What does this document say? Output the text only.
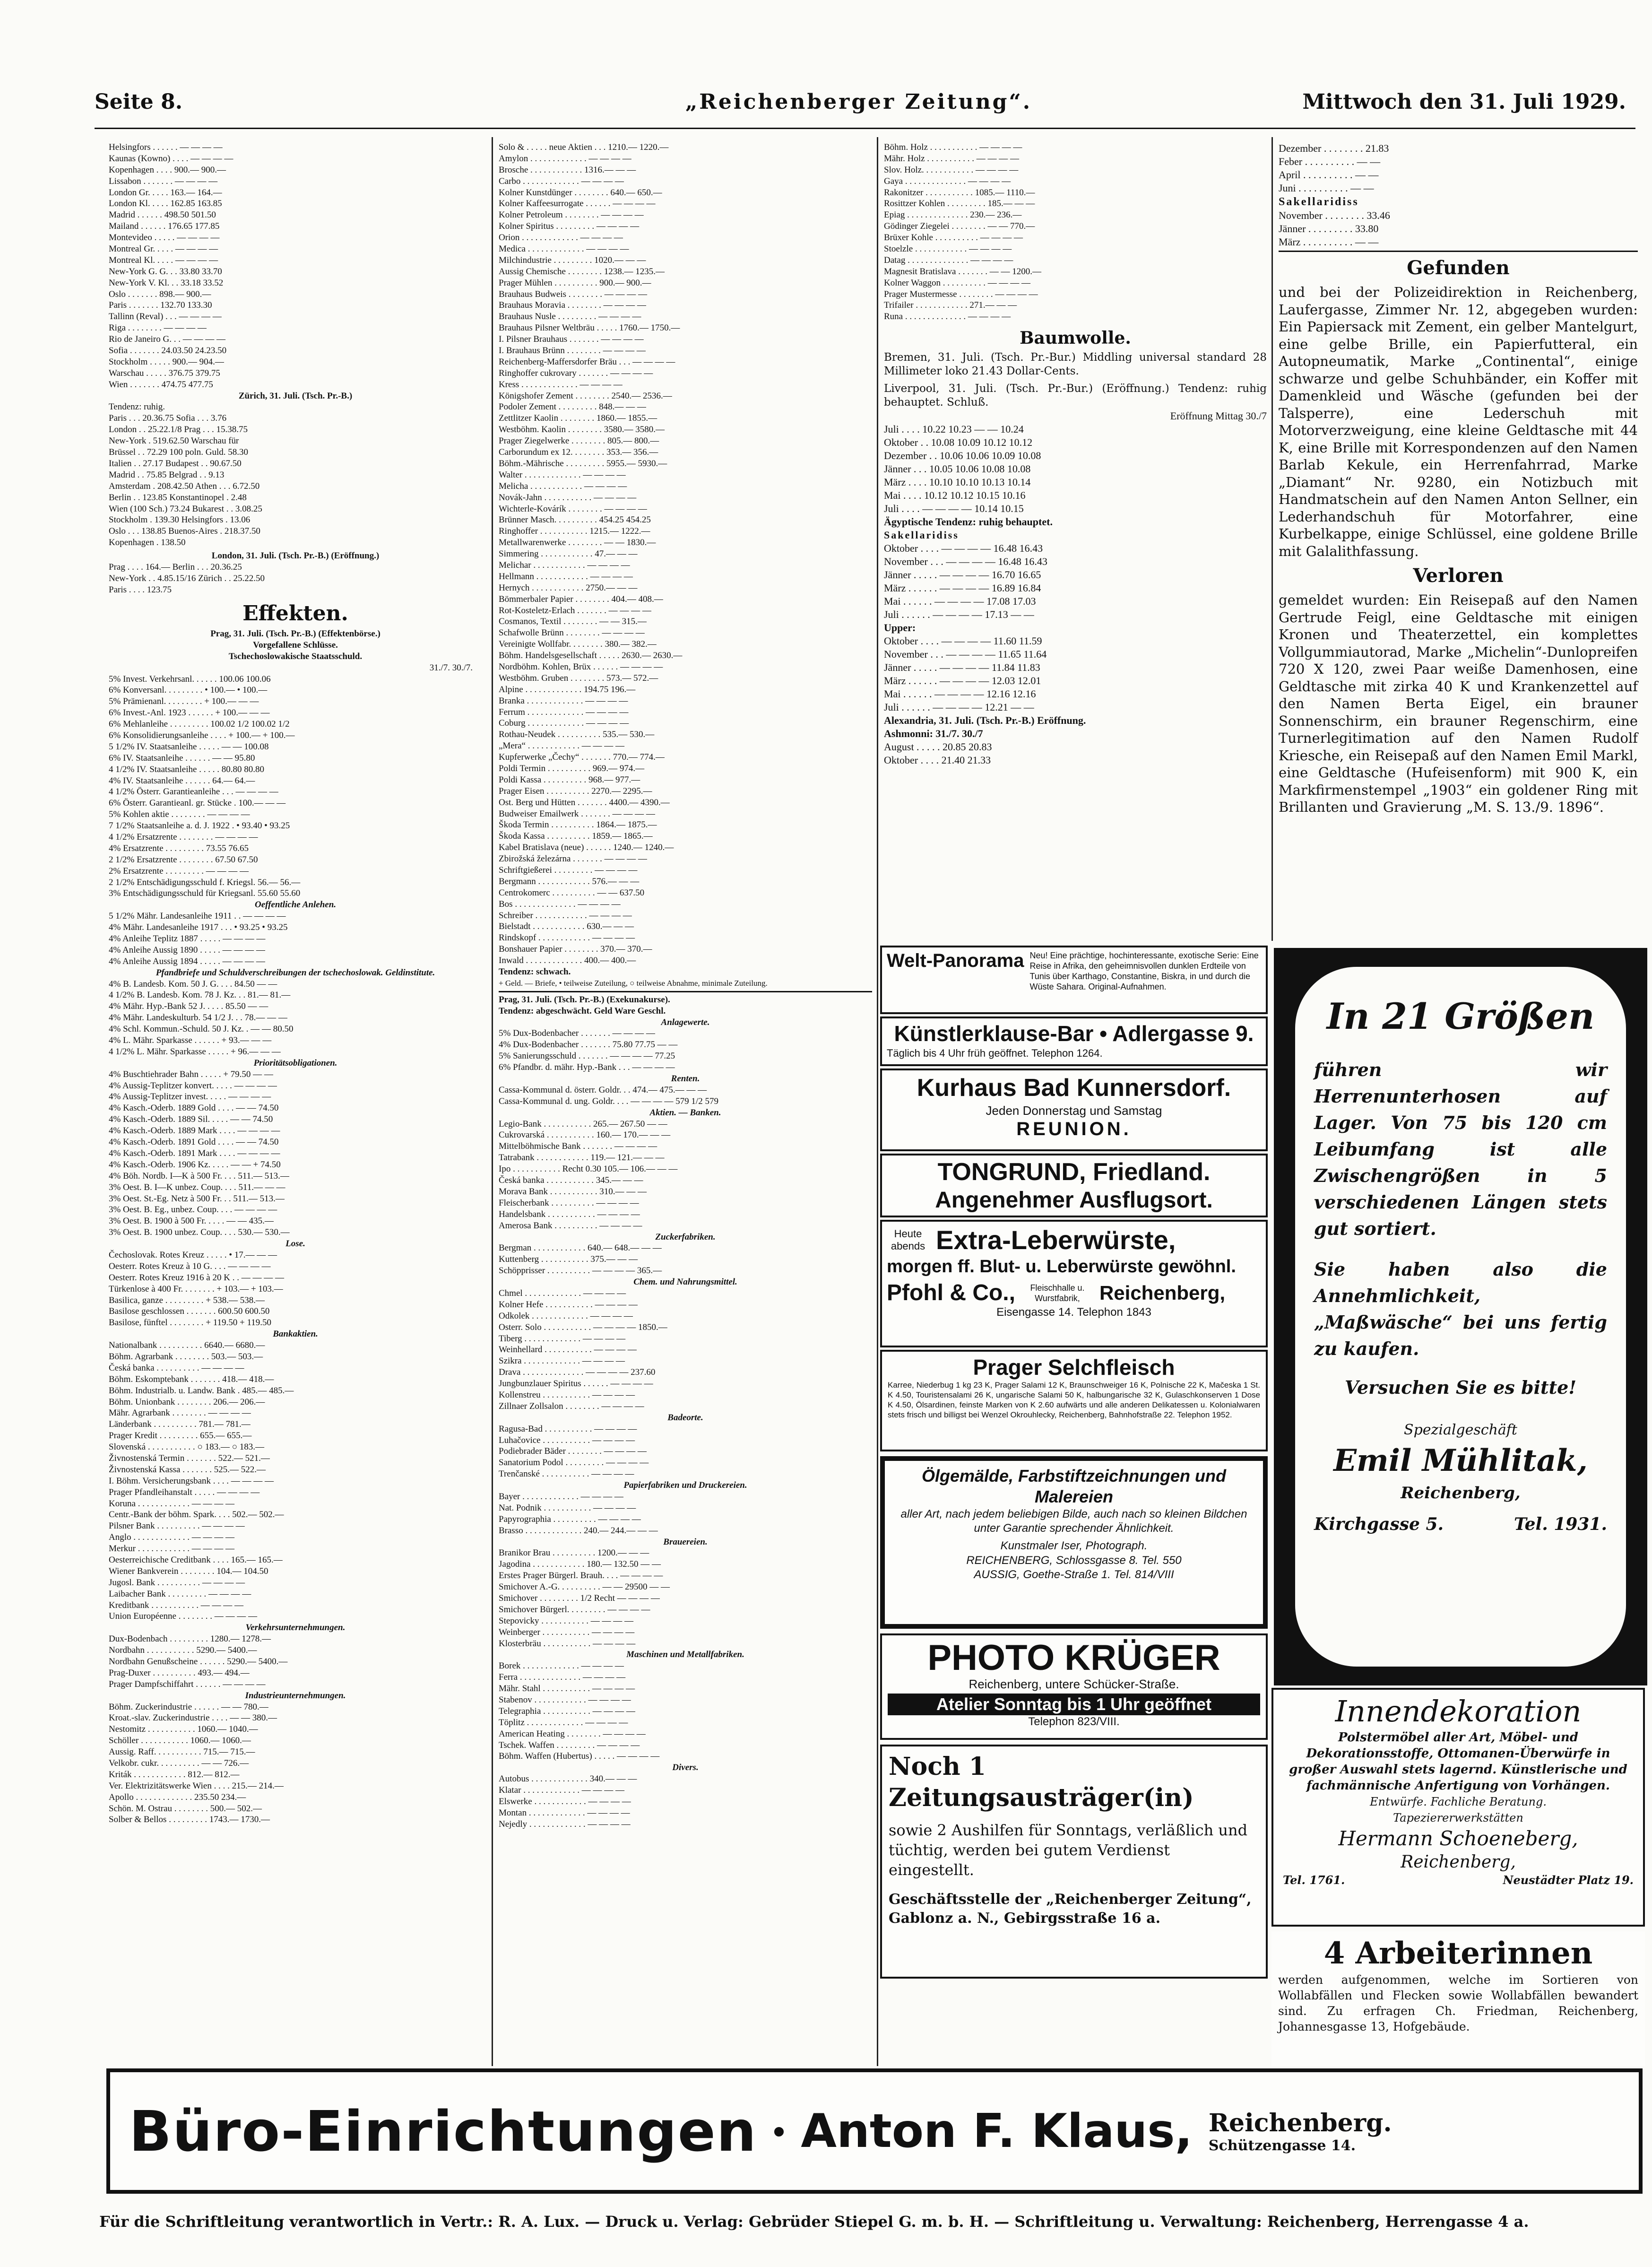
Seite 8.	„Reichenberger Zeitung“.	Mittwoch den 31. Juli 1929.
Helsingfors . . . . . . — — — —
Kaunas (Kowno) . . . . — — — —
Kopenhagen . . . . 900.— 900.—
Lissabon . . . . . . . — — — —
London Gr. . . . . 163.— 164.—
London Kl. . . . . 162.85 163.85
Madrid . . . . . . 498.50 501.50
Mailand . . . . . . 176.65 177.85
Montevideo . . . . . — — — —
Montreal Gr. . . . . — — — —
Montreal Kl. . . . . — — — —
New-York G. G. . . 33.80 33.70
New-York V. Kl. . . 33.18 33.52
Oslo . . . . . . . 898.— 900.—
Paris . . . . . . . 132.70 133.30
Tallinn (Reval) . . . — — — —
Riga . . . . . . . . — — — —
Rio de Janeiro G. . . — — — —
Sofia . . . . . . . 24.03.50 24.23.50
Stockholm . . . . . 900.— 904.—
Warschau . . . . . 376.75 379.75
Wien . . . . . . . 474.75 477.75
Zürich, 31. Juli. (Tsch. Pr.-B.)
Tendenz: ruhig.
Paris . . . 20.36.75 Sofia . . . 3.76
London . . 25.22.1/8 Prag . . . 15.38.75
New-York . 519.62.50 Warschau für
Brüssel . . 72.29 100 poln. Guld. 58.30
Italien . . 27.17 Budapest . . 90.67.50
Madrid . . 75.85 Belgrad . . 9.13
Amsterdam . 208.42.50 Athen . . . 6.72.50
Berlin . . 123.85 Konstantinopel . 2.48
Wien (100 Sch.) 73.24 Bukarest . . 3.08.25
Stockholm . 139.30 Helsingfors . 13.06
Oslo . . . 138.85 Buenos-Aires . 218.37.50
Kopenhagen . 138.50
London, 31. Juli. (Tsch. Pr.-B.) (Eröffnung.)
Prag . . . . 164.— Berlin . . . 20.36.25
New-York . . 4.85.15/16 Zürich . . 25.22.50
Paris . . . . 123.75
Effekten.
Prag, 31. Juli. (Tsch. Pr.-B.) (Effektenbörse.)
Vorgefallene Schlüsse.
Tschechoslowakische Staatsschuld.
31./7. 30./7.
5% Invest. Verkehrsanl. . . . . . 100.06 100.06
6% Konversanl. . . . . . . . . • 100.— • 100.—
5% Prämienanl. . . . . . . . . + 100.— — —
6% Invest.-Anl. 1923 . . . . . . + 100.— — —
6% Mehlanleihe . . . . . . . . . 100.02 1/2 100.02 1/2
6% Konsolidierungsanleihe . . . . + 100.— + 100.—
5 1/2% IV. Staatsanleihe . . . . . — — 100.08
6% IV. Staatsanleihe . . . . . . — — 95.80
4 1/2% IV. Staatsanleihe . . . . . 80.80 80.80
4% IV. Staatsanleihe . . . . . . 64.— 64.—
4 1/2% Österr. Garantieanleihe . . . — — — —
6% Österr. Garantieanl. gr. Stücke . 100.— — —
5% Kohlen aktie . . . . . . . . — — — —
7 1/2% Staatsanleihe a. d. J. 1922 . • 93.40 • 93.25
4 1/2% Ersatzrente . . . . . . . . — — — —
4% Ersatzrente . . . . . . . . . 73.55 76.65
2 1/2% Ersatzrente . . . . . . . . 67.50 67.50
2% Ersatzrente . . . . . . . . . — — — —
2 1/2% Entschädigungsschuld f. Kriegsl. 56.— 56.—
3% Entschädigungsschuld für Kriegsanl. 55.60 55.60
Oeffentliche Anlehen.
5 1/2% Mähr. Landesanleihe 1911 . . — — — —
4% Mähr. Landesanleihe 1917 . . . • 93.25 • 93.25
4% Anleihe Teplitz 1887 . . . . . — — — —
4% Anleihe Aussig 1890 . . . . . — — — —
4% Anleihe Aussig 1894 . . . . . — — — —
Pfandbriefe und Schuldverschreibungen der tschechoslowak. Geldinstitute.
4% B. Landesb. Kom. 50 J. G. . . . 84.50 — —
4 1/2% B. Landesb. Kom. 78 J. Kz. . . 81.— 81.—
4% Mähr. Hyp.-Bank 52 J. . . . . 85.50 — —
4% Mähr. Landeskulturb. 54 1/2 J. . . 78.— — —
4% Schl. Kommun.-Schuld. 50 J. Kz. . — — 80.50
4% L. Mähr. Sparkasse . . . . . . + 93.— — —
4 1/2% L. Mähr. Sparkasse . . . . . + 96.— — —
Prioritätsobligationen.
4% Buschtiehrader Bahn . . . . . + 79.50 — —
4% Aussig-Teplitzer konvert. . . . . — — — —
4% Aussig-Teplitzer invest. . . . . — — — —
4% Kasch.-Oderb. 1889 Gold . . . . — — 74.50
4% Kasch.-Oderb. 1889 Sil. . . . . — — 74.50
4% Kasch.-Oderb. 1889 Mark . . . . — — — —
4% Kasch.-Oderb. 1891 Gold . . . . — — 74.50
4% Kasch.-Oderb. 1891 Mark . . . . — — — —
4% Kasch.-Oderb. 1906 Kz. . . . . — — + 74.50
4% Böh. Nordb. I—K à 500 Fr. . . . 511.— 513.—
3% Oest. B. I—K unbez. Coup. . . . 511.— — —
3% Oest. St.-Eg. Netz à 500 Fr. . . 511.— 513.—
3% Oest. B. Eg., unbez. Coup. . . . — — — —
3% Oest. B. 1900 à 500 Fr. . . . . — — 435.—
3% Oest. B. 1900 unbez. Coup. . . . 530.— 530.—
Lose.
Čechoslovak. Rotes Kreuz . . . . . • 17.— — —
Oesterr. Rotes Kreuz à 10 G. . . . — — — —
Oesterr. Rotes Kreuz 1916 à 20 K . . — — — —
Türkenlose à 400 Fr. . . . . . . . + 103.— + 103.—
Basilica, ganze . . . . . . . . . + 538.— 538.—
Basilose geschlossen . . . . . . . 600.50 600.50
Basilose, fünftel . . . . . . . . + 119.50 + 119.50
Bankaktien.
Nationalbank . . . . . . . . . . 6640.— 6680.—
Böhm. Agrarbank . . . . . . . . 503.— 503.—
Česká banka . . . . . . . . . . — — — —
Böhm. Eskomptebank . . . . . . . 418.— 418.—
Böhm. Industrialb. u. Landw. Bank . 485.— 485.—
Böhm. Unionbank . . . . . . . . 206.— 206.—
Mähr. Agrarbank . . . . . . . . — — — —
Länderbank . . . . . . . . . . 781.— 781.—
Prager Kredit . . . . . . . . . 655.— 655.—
Slovenská . . . . . . . . . . . ○ 183.— ○ 183.—
Živnostenská Termin . . . . . . . 522.— 521.—
Živnostenská Kassa . . . . . . . 525.— 522.—
I. Böhm. Versicherungsbank . . . . — — — —
Prager Pfandleihanstalt . . . . . — — — —
Koruna . . . . . . . . . . . . — — — —
Centr.-Bank der böhm. Spark. . . . 502.— 502.—
Pilsner Bank . . . . . . . . . . — — — —
Anglo . . . . . . . . . . . . . — — — —
Merkur . . . . . . . . . . . . — — — —
Oesterreichische Creditbank . . . . 165.— 165.—
Wiener Bankverein . . . . . . . . 104.— 104.50
Jugosl. Bank . . . . . . . . . . — — — —
Laibacher Bank . . . . . . . . . — — — —
Kreditbank . . . . . . . . . . . — — — —
Union Européenne . . . . . . . . — — — —
Verkehrsunternehmungen.
Dux-Bodenbach . . . . . . . . . 1280.— 1278.—
Nordbahn . . . . . . . . . . . 5290.— 5400.—
Nordbahn Genußscheine . . . . . . 5290.— 5400.—
Prag-Duxer . . . . . . . . . . 493.— 494.—
Prager Dampfschiffahrt . . . . . . — — — —
Industrieunternehmungen.
Böhm. Zuckerindustrie . . . . . . — — 780.—
Kroat.-slav. Zuckerindustrie . . . . — — 380.—
Nestomitz . . . . . . . . . . . 1060.— 1040.—
Schöller . . . . . . . . . . . 1060.— 1060.—
Aussig. Raff. . . . . . . . . . . 715.— 715.—
Velkobr. cukr. . . . . . . . . . — — 726.—
Kriták . . . . . . . . . . . . 812.— 812.—
Ver. Elektrizitätswerke Wien . . . . 215.— 214.—
Apollo . . . . . . . . . . . . . 235.50 234.—
Schön. M. Ostrau . . . . . . . . 500.— 502.—
Solber & Bellos . . . . . . . . . 1743.— 1730.—
Solo & . . . . . neue Aktien . . . 1210.— 1220.—
Amylon . . . . . . . . . . . . . — — — —
Brosche . . . . . . . . . . . . 1316.— — —
Carbo . . . . . . . . . . . . . — — — —
Kolner Kunstdünger . . . . . . . . 640.— 650.—
Kolner Kaffeesurrogate . . . . . . — — — —
Kolner Petroleum . . . . . . . . — — — —
Kolner Spiritus . . . . . . . . . — — — —
Orion . . . . . . . . . . . . . — — — —
Medica . . . . . . . . . . . . . — — — —
Milchindustrie . . . . . . . . . 1020.— — —
Aussig Chemische . . . . . . . . 1238.— 1235.—
Prager Mühlen . . . . . . . . . . 900.— 900.—
Brauhaus Budweis . . . . . . . . — — — —
Brauhaus Moravia . . . . . . . . — — — —
Brauhaus Nusle . . . . . . . . . — — — —
Brauhaus Pilsner Weltbräu . . . . . 1760.— 1750.—
I. Pilsner Brauhaus . . . . . . . — — — —
I. Brauhaus Brünn . . . . . . . . — — — —
Reichenberg-Maffersdorfer Bräu . . . — — — —
Ringhoffer cukrovary . . . . . . . — — — —
Kress . . . . . . . . . . . . . — — — —
Königshofer Zement . . . . . . . . 2540.— 2536.—
Podoler Zement . . . . . . . . . 848.— — —
Zettlitzer Kaolin . . . . . . . . 1860.— 1855.—
Westböhm. Kaolin . . . . . . . . 3580.— 3580.—
Prager Ziegelwerke . . . . . . . . 805.— 800.—
Carborundum ex 12. . . . . . . . 353.— 356.—
Böhm.-Mährische . . . . . . . . . 5955.— 5930.—
Walter . . . . . . . . . . . . . — — — —
Melicha . . . . . . . . . . . . — — — —
Novák-Jahn . . . . . . . . . . . — — — —
Wichterle-Kovárík . . . . . . . . — — — —
Brünner Masch. . . . . . . . . . 454.25 454.25
Ringhoffer . . . . . . . . . . . 1215.— 1222.—
Metallwarenwerke . . . . . . . . — — 1830.—
Simmering . . . . . . . . . . . . 47.— — —
Melichar . . . . . . . . . . . . — — — —
Hellmann . . . . . . . . . . . . — — — —
Hernych . . . . . . . . . . . . 2750.— — —
Bömmerbaler Papier . . . . . . . . 404.— 408.—
Rot-Kosteletz-Erlach . . . . . . . — — — —
Cosmanos, Textil . . . . . . . . — — 315.—
Schafwolle Brünn . . . . . . . . — — — —
Vereinigte Wollfabr. . . . . . . . 380.— 382.—
Böhm. Handelsgesellschaft . . . . . 2630.— 2630.—
Nordböhm. Kohlen, Brüx . . . . . . — — — —
Westböhm. Gruben . . . . . . . . 573.— 572.—
Alpine . . . . . . . . . . . . . 194.75 196.—
Branka . . . . . . . . . . . . . — — — —
Ferrum . . . . . . . . . . . . . — — — —
Coburg . . . . . . . . . . . . . — — — —
Rothau-Neudek . . . . . . . . . . 535.— 530.—
„Mera“ . . . . . . . . . . . . — — — —
Kupferwerke „Čechy“ . . . . . . . 770.— 774.—
Poldi Termin . . . . . . . . . . 969.— 974.—
Poldi Kassa . . . . . . . . . . 968.— 977.—
Prager Eisen . . . . . . . . . . 2270.— 2295.—
Ost. Berg und Hütten . . . . . . . 4400.— 4390.—
Budweiser Emailwerk . . . . . . . — — — —
Škoda Termin . . . . . . . . . . 1864.— 1875.—
Škoda Kassa . . . . . . . . . . 1859.— 1865.—
Kabel Bratislava (neue) . . . . . . 1240.— 1240.—
Zbirožská železárna . . . . . . . — — — —
Schriftgießerei . . . . . . . . . — — — —
Bergmann . . . . . . . . . . . . 576.— — —
Centrokomerc . . . . . . . . . . — — 637.50
Bos . . . . . . . . . . . . . . — — — —
Schreiber . . . . . . . . . . . . — — — —
Bielstadt . . . . . . . . . . . . 630.— — —
Rindskopf . . . . . . . . . . . . — — — —
Bonshauer Papier . . . . . . . . 370.— 370.—
Inwald . . . . . . . . . . . . . 400.— 400.—
Tendenz: schwach.
+ Geld. — Briefe, • teilweise Zuteilung, ○ teilweise Abnahme, minimale Zuteilung.
Prag, 31. Juli. (Tsch. Pr.-B.) (Exekunakurse).
Tendenz: abgeschwächt. Geld Ware Geschl.
Anlagewerte.
5% Dux-Bodenbacher . . . . . . . — — — —
4% Dux-Bodenbacher . . . . . . . 75.80 77.75 — —
5% Sanierungsschuld . . . . . . . — — — — 77.25
6% Pfandbr. d. mähr. Hyp.-Bank . . . — — — —
Renten.
Cassa-Kommunal d. österr. Goldr. . . 474.— 475.— — —
Cassa-Kommunal d. ung. Goldr. . . . — — — — 579 1/2 579
Aktien. — Banken.
Legio-Bank . . . . . . . . . . . 265.— 267.50 — —
Cukrovarská . . . . . . . . . . . 160.— 170.— — —
Mittelböhmische Bank . . . . . . . — — — —
Tatrabank . . . . . . . . . . . . 119.— 121.— — —
Ipo . . . . . . . . . . . Recht 0.30 105.— 106.— — —
Česká banka . . . . . . . . . . . 345.— — —
Morava Bank . . . . . . . . . . . 310.— — —
Fleischerbank . . . . . . . . . . — — — —
Handelsbank . . . . . . . . . . . — — — —
Amerosa Bank . . . . . . . . . . — — — —
Zuckerfabriken.
Bergman . . . . . . . . . . . . 640.— 648.— — —
Kuttenberg . . . . . . . . . . . 375.— — —
Schöpprisser . . . . . . . . . . — — — — 365.—
Chem. und Nahrungsmittel.
Chmel . . . . . . . . . . . . . — — — —
Kolner Hefe . . . . . . . . . . . — — — —
Odkolek . . . . . . . . . . . . . — — — —
Osterr. Solo . . . . . . . . . . . — — — — 1850.—
Tiberg . . . . . . . . . . . . . — — — —
Weinhellard . . . . . . . . . . . — — — —
Szikra . . . . . . . . . . . . . — — — —
Drava . . . . . . . . . . . . . . — — — — 237.60
Jungbunzlauer Spiritus . . . . . . — — — —
Kollenstreu . . . . . . . . . . . — — — —
Zillnaer Zollsalon . . . . . . . . — — — —
Badeorte.
Ragusa-Bad . . . . . . . . . . . — — — —
Luhačovice . . . . . . . . . . . — — — —
Podiebrader Bäder . . . . . . . . — — — —
Sanatorium Podol . . . . . . . . . — — — —
Trenčanské . . . . . . . . . . . — — — —
Papierfabriken und Druckereien.
Bayer . . . . . . . . . . . . . — — — —
Nat. Podnik . . . . . . . . . . . — — — —
Papyrographia . . . . . . . . . . — — — —
Brasso . . . . . . . . . . . . . 240.— 244.— — —
Brauereien.
Branikor Brau . . . . . . . . . . 1200.— — —
Jagodina . . . . . . . . . . . . 180.— 132.50 — —
Erstes Prager Bürgerl. Brauh. . . . — — — —
Smichover A.-G. . . . . . . . . . — — 29500 — —
Smichover . . . . . . . . . 1/2 Recht — — — —
Smichover Bürgerl. . . . . . . . . — — — —
Stepovicky . . . . . . . . . . . — — — —
Weinberger . . . . . . . . . . . — — — —
Klosterbräu . . . . . . . . . . . — — — —
Maschinen und Metallfabriken.
Borek . . . . . . . . . . . . . — — — —
Ferra . . . . . . . . . . . . . . — — — —
Mähr. Stahl . . . . . . . . . . . — — — —
Stabenov . . . . . . . . . . . . — — — —
Telegraphia . . . . . . . . . . . — — — —
Töplitz . . . . . . . . . . . . . — — — —
American Heating . . . . . . . . — — — —
Tschek. Waffen . . . . . . . . . — — — —
Böhm. Waffen (Hubertus) . . . . . — — — —
Divers.
Autobus . . . . . . . . . . . . . 340.— — —
Klatar . . . . . . . . . . . . . — — — —
Elswerke . . . . . . . . . . . . — — — —
Montan . . . . . . . . . . . . . — — — —
Nejedly . . . . . . . . . . . . . — — — —
Böhm. Holz . . . . . . . . . . . — — — —
Mähr. Holz . . . . . . . . . . . — — — —
Slov. Holz. . . . . . . . . . . . — — — —
Gaya . . . . . . . . . . . . . . — — — —
Rakonitzer . . . . . . . . . . . 1085.— 1110.—
Rosittzer Kohlen . . . . . . . . . 185.— — —
Epiag . . . . . . . . . . . . . . 230.— 236.—
Gödinger Ziegelei . . . . . . . . — — 770.—
Brüxer Kohle . . . . . . . . . . — — — —
Stoelzle . . . . . . . . . . . . — — — —
Datag . . . . . . . . . . . . . . — — — —
Magnesit Bratislava . . . . . . . — — 1200.—
Kolner Waggon . . . . . . . . . . — — — —
Prager Mustermesse . . . . . . . . — — — —
Trifailer . . . . . . . . . . . . 271.— — —
Runa . . . . . . . . . . . . . . — — — —
Baumwolle.
Bremen, 31. Juli. (Tsch. Pr.-Bur.) Middling universal standard 28 Millimeter loko 21.43 Dollar-Cents.
Liverpool, 31. Juli. (Tsch. Pr.-Bur.) (Eröffnung.) Tendenz: ruhig behauptet. Schluß.
Eröffnung Mittag 30./7
Juli . . . . 10.22 10.23 — — 10.24
Oktober . . 10.08 10.09 10.12 10.12
Dezember . . 10.06 10.06 10.09 10.08
Jänner . . . 10.05 10.06 10.08 10.08
März . . . . 10.10 10.10 10.13 10.14
Mai . . . . 10.12 10.12 10.15 10.16
Juli . . . . — — — — 10.14 10.15
Ägyptische Tendenz: ruhig behauptet.
Sakellaridiss
Oktober . . . . — — — — 16.48 16.43
November . . . — — — — 16.48 16.43
Jänner . . . . . — — — — 16.70 16.65
März . . . . . . — — — — 16.89 16.84
Mai . . . . . . — — — — 17.08 17.03
Juli . . . . . . — — — — 17.13 — —
Upper:
Oktober . . . . — — — — 11.60 11.59
November . . . — — — — 11.65 11.64
Jänner . . . . . — — — — 11.84 11.83
März . . . . . . — — — — 12.03 12.01
Mai . . . . . . — — — — 12.16 12.16
Juli . . . . . . — — — — 12.21 — —
Alexandria, 31. Juli. (Tsch. Pr.-B.) Eröffnung.
Ashmonni: 31./7. 30./7
August . . . . . 20.85 20.83
Oktober . . . . 21.40 21.33
Dezember . . . . . . . . 21.83
Feber . . . . . . . . . . — —
April . . . . . . . . . . — —
Juni . . . . . . . . . . — —
Sakellaridiss
November . . . . . . . . 33.46
Jänner . . . . . . . . . 33.80
März . . . . . . . . . . — —
Gefunden
und bei der Polizeidirektion in Reichenberg, Laufergasse, Zimmer Nr. 12, abgegeben wurden: Ein Papiersack mit Zement, ein gelber Mantelgurt, eine gelbe Brille, ein Papierfutteral, ein Autopneumatik, Marke „Continental“, einige schwarze und gelbe Schuhbänder, ein Koffer mit Damenkleid und Wäsche (gefunden bei der Talsperre), eine Lederschuh mit Motorverzweigung, eine kleine Geldtasche mit 44 K, eine Brille mit Korrespondenzen auf den Namen Barlab Kekule, ein Herrenfahrrad, Marke „Diamant“ Nr. 9280, ein Notizbuch mit Handmatschein auf den Namen Anton Sellner, ein Lederhandschuh für Motorfahrer, eine Kurbelkappe, einige Schlüssel, eine goldene Brille mit Galalithfassung.
Verloren
gemeldet wurden: Ein Reisepaß auf den Namen Gertrude Feigl, eine Geldtasche mit einigen Kronen und Theaterzettel, ein komplettes Vollgummiautorad, Marke „Michelin“-Dunlopreifen 720 X 120, zwei Paar weiße Damenhosen, eine Geldtasche mit zirka 40 K und Krankenzettel auf den Namen Berta Eigel, ein brauner Sonnenschirm, ein brauner Regenschirm, eine Turnerlegitimation auf den Namen Rudolf Kriesche, ein Reisepaß auf den Namen Emil Markl, eine Geldtasche (Hufeisenform) mit 900 K, ein Markfirmenstempel „1903“ ein goldener Ring mit Brillanten und Gravierung „M. S. 13./9. 1896“.
Welt-Panorama Neu! Eine prächtige, hochinteressante, exotische Serie: Eine Reise in Afrika, den geheimnisvollen dunklen Erdteile von Tunis über Karthago, Constantine, Biskra, in und durch die Wüste Sahara. Original-Aufnahmen.
Künstlerklause-Bar • Adlergasse 9.
Täglich bis 4 Uhr früh geöffnet. Telephon 1264.
Kurhaus Bad Kunnersdorf.
Jeden Donnerstag und Samstag
REUNION.
TONGRUND, Friedland.
Angenehmer Ausflugsort.
Heute abends Extra-Leberwürste,
morgen ff. Blut- u. Leberwürste gewöhnl.
Pfohl & Co.,	Fleischhalle u. Wurstfabrik, Reichenberg,
Eisengasse 14. Telephon 1843
Prager Selchfleisch
Karree, Niederbug 1 kg 23 K, Prager Salami 12 K, Braunschweiger 16 K, Polnische 22 K, Mačeska 1 St. K 4.50, Touristensalami 26 K, ungarische Salami 50 K, halbungarische 32 K, Gulaschkonserven 1 Dose K 4.50, Ölsardinen, feinste Marken von K 2.60 aufwärts und alle anderen Delikatessen u. Kolonialwaren stets frisch und billigst bei Wenzel Okrouhlecky, Reichenberg, Bahnhofstraße 22. Telephon 1952.
Ölgemälde, Farbstiftzeichnungen und Malereien
aller Art, nach jedem beliebigen Bilde, auch nach so kleinen Bildchen unter Garantie sprechender Ähnlichkeit.
Kunstmaler Iser, Photograph.
REICHENBERG, Schlossgasse 8. Tel. 550
AUSSIG, Goethe-Straße 1. Tel. 814/VIII
PHOTO KRÜGER
Reichenberg, untere Schücker-Straße.
Atelier Sonntag bis 1 Uhr geöffnet
Telephon 823/VIII.
Noch 1 Zeitungsausträger(in)
sowie 2 Aushilfen für Sonntags, verläßlich und tüchtig, werden bei gutem Verdienst eingestellt.
Geschäftsstelle der „Reichenberger Zeitung“, Gablonz a. N., Gebirgsstraße 16 a.
In 21 Größen
führen wir Herrenunterhosen auf Lager. Von 75 bis 120 cm Leibumfang ist alle Zwischengrößen in 5 verschiedenen Längen stets gut sortiert.
Sie haben also die Annehmlichkeit, „Maßwäsche“ bei uns fertig zu kaufen.
Versuchen Sie es bitte!
Spezialgeschäft
Emil Mühlitak,
Reichenberg,
Kirchgasse 5.	Tel. 1931.
Innendekoration
Polstermöbel aller Art, Möbel- und Dekorationsstoffe, Ottomanen-Überwürfe in großer Auswahl stets lagernd. Künstlerische und fachmännische Anfertigung von Vorhängen.
Entwürfe. Fachliche Beratung.
Tapeziererwerkstätten
Hermann Schoeneberg,
Reichenberg,
Tel. 1761.	Neustädter Platz 19.
4 Arbeiterinnen
werden aufgenommen, welche im Sortieren von Wollabfällen und Flecken sowie Wollabfällen bewandert sind. Zu erfragen Ch. Friedman, Reichenberg, Johannesgasse 13, Hofgebäude.
Büro-Einrichtungen • Anton F. Klaus, Reichenberg.
Schützengasse 14.
Für die Schriftleitung verantwortlich in Vertr.: R. A. Lux. — Druck u. Verlag: Gebrüder Stiepel G. m. b. H. — Schriftleitung u. Verwaltung: Reichenberg, Herrengasse 4 a.
